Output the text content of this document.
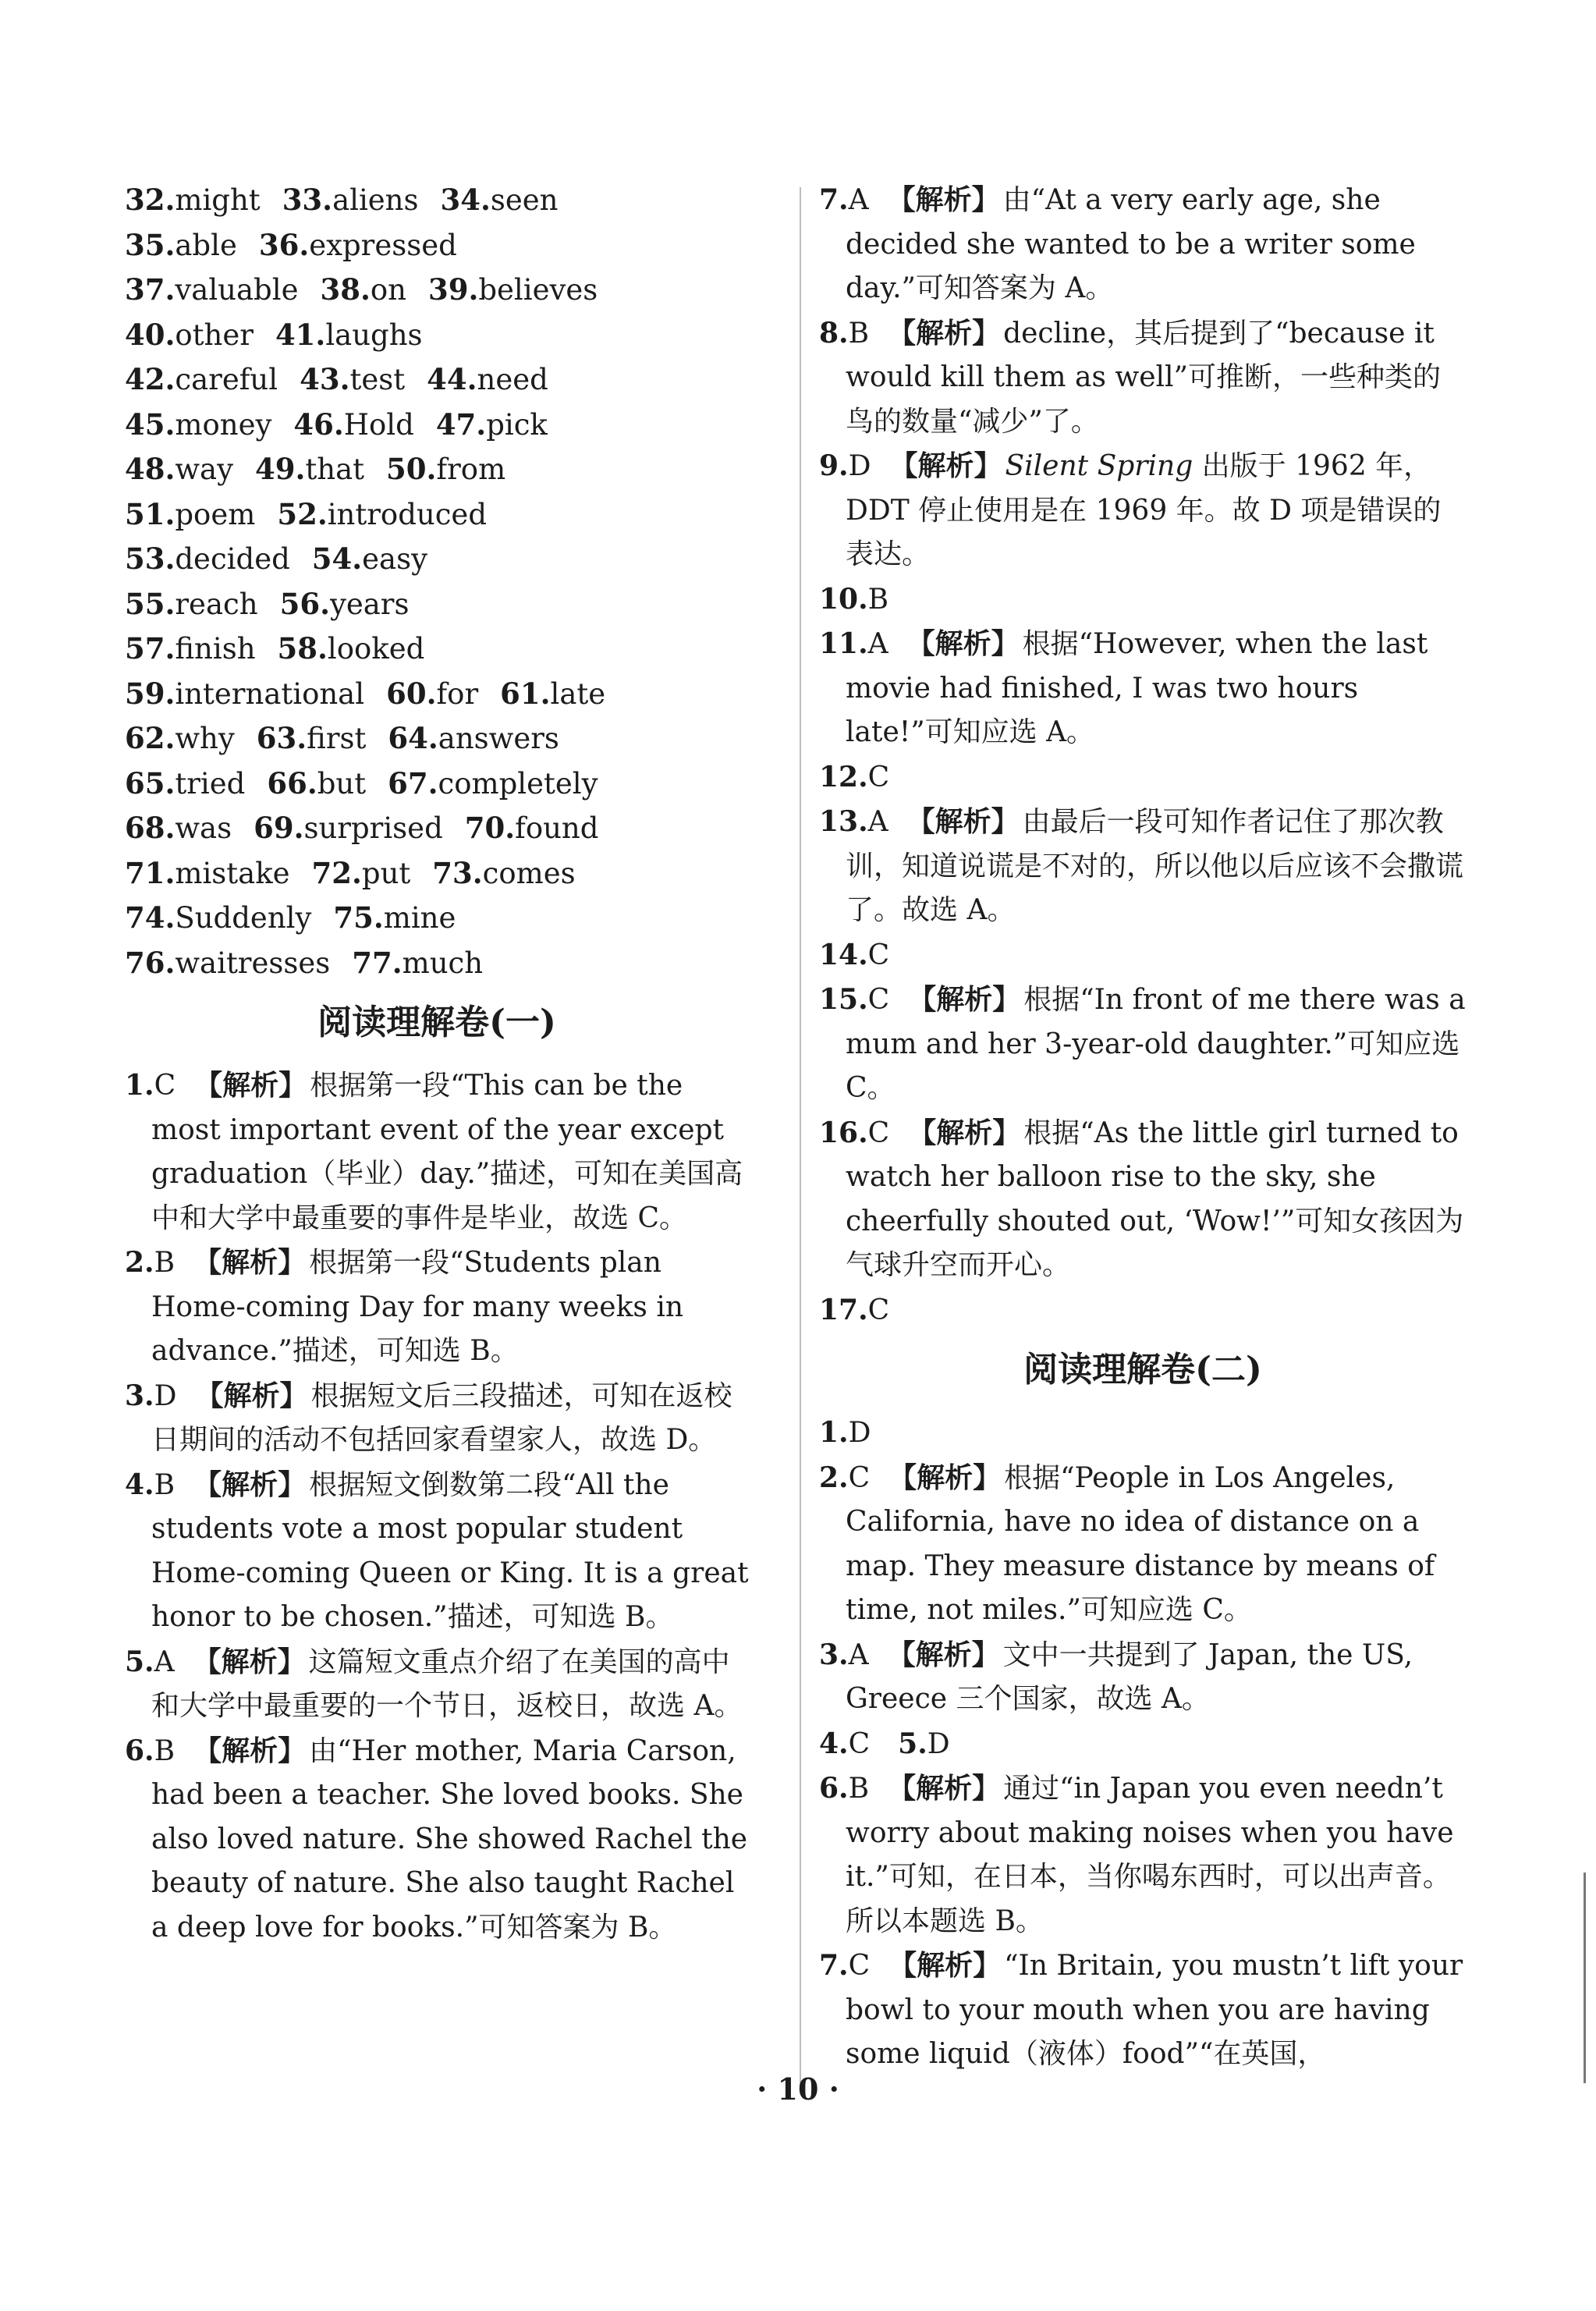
32.might 33.aliens 34.seen
35.able 36.expressed
37.valuable 38.on 39.believes
40.other 41.laughs
42.careful 43.test 44.need
45.money 46.Hold 47.pick
48.way 49.that 50.from
51.poem 52.introduced
53.decided 54.easy
55.reach 56.years
57.finish 58.looked
59.international 60.for 61.late
62.why 63.first 64.answers
65.tried 66.but 67.completely
68.was 69.surprised 70.found
71.mistake 72.put 73.comes
74.Suddenly 75.mine
76.waitresses 77.much
阅读理解卷(一)

1.C 【解析】 根据第一段“This can be the most important event of the year except graduation（毕业）day.”描述，可知在美国高中和大学中最重要的事件是毕业，故选 C。

2.B 【解析】 根据第一段“Students plan Home-coming Day for many weeks in advance.”描述，可知选 B。

3.D 【解析】 根据短文后三段描述，可知在返校日期间的活动不包括回家看望家人，故选 D。

4.B 【解析】 根据短文倒数第二段“All the students vote a most popular student Home-coming Queen or King. It is a great honor to be chosen.”描述，可知选 B。

5.A 【解析】 这篇短文重点介绍了在美国的高中和大学中最重要的一个节日，返校日，故选 A。

6.B 【解析】 由“Her mother, Maria Carson, had been a teacher. She loved books. She also loved nature. She showed Rachel the beauty of nature. She also taught Rachel a deep love for books.”可知答案为 B。

7.A 【解析】 由“At a very early age, she decided she wanted to be a writer some day.”可知答案为 A。

8.B 【解析】 decline，其后提到了“because it would kill them as well”可推断，一些种类的鸟的数量“减少”了。

9.D 【解析】 Silent Spring 出版于 1962 年，DDT 停止使用是在 1969 年。故 D 项是错误的表达。

10.B

11.A 【解析】 根据“However, when the last movie had finished, I was two hours late!”可知应选 A。

12.C

13.A 【解析】 由最后一段可知作者记住了那次教训，知道说谎是不对的，所以他以后应该不会撒谎了。故选 A。

14.C

15.C 【解析】 根据“In front of me there was a mum and her 3-year-old daughter.”可知应选 C。

16.C 【解析】 根据“As the little girl turned to watch her balloon rise to the sky, she cheerfully shouted out, ‘Wow!’”可知女孩因为气球升空而开心。

17.C

阅读理解卷(二)

1.D

2.C 【解析】 根据“People in Los Angeles, California, have no idea of distance on a map. They measure distance by means of time, not miles.”可知应选 C。

3.A 【解析】 文中一共提到了 Japan, the US, Greece 三个国家，故选 A。

4.C  5.D

6.B 【解析】 通过“in Japan you even needn’t worry about making noises when you have it.”可知，在日本，当你喝东西时，可以出声音。所以本题选 B。

7.C 【解析】 “In Britain, you mustn’t lift your bowl to your mouth when you are having some liquid（液体）food”“在英国，

· 10 ·
